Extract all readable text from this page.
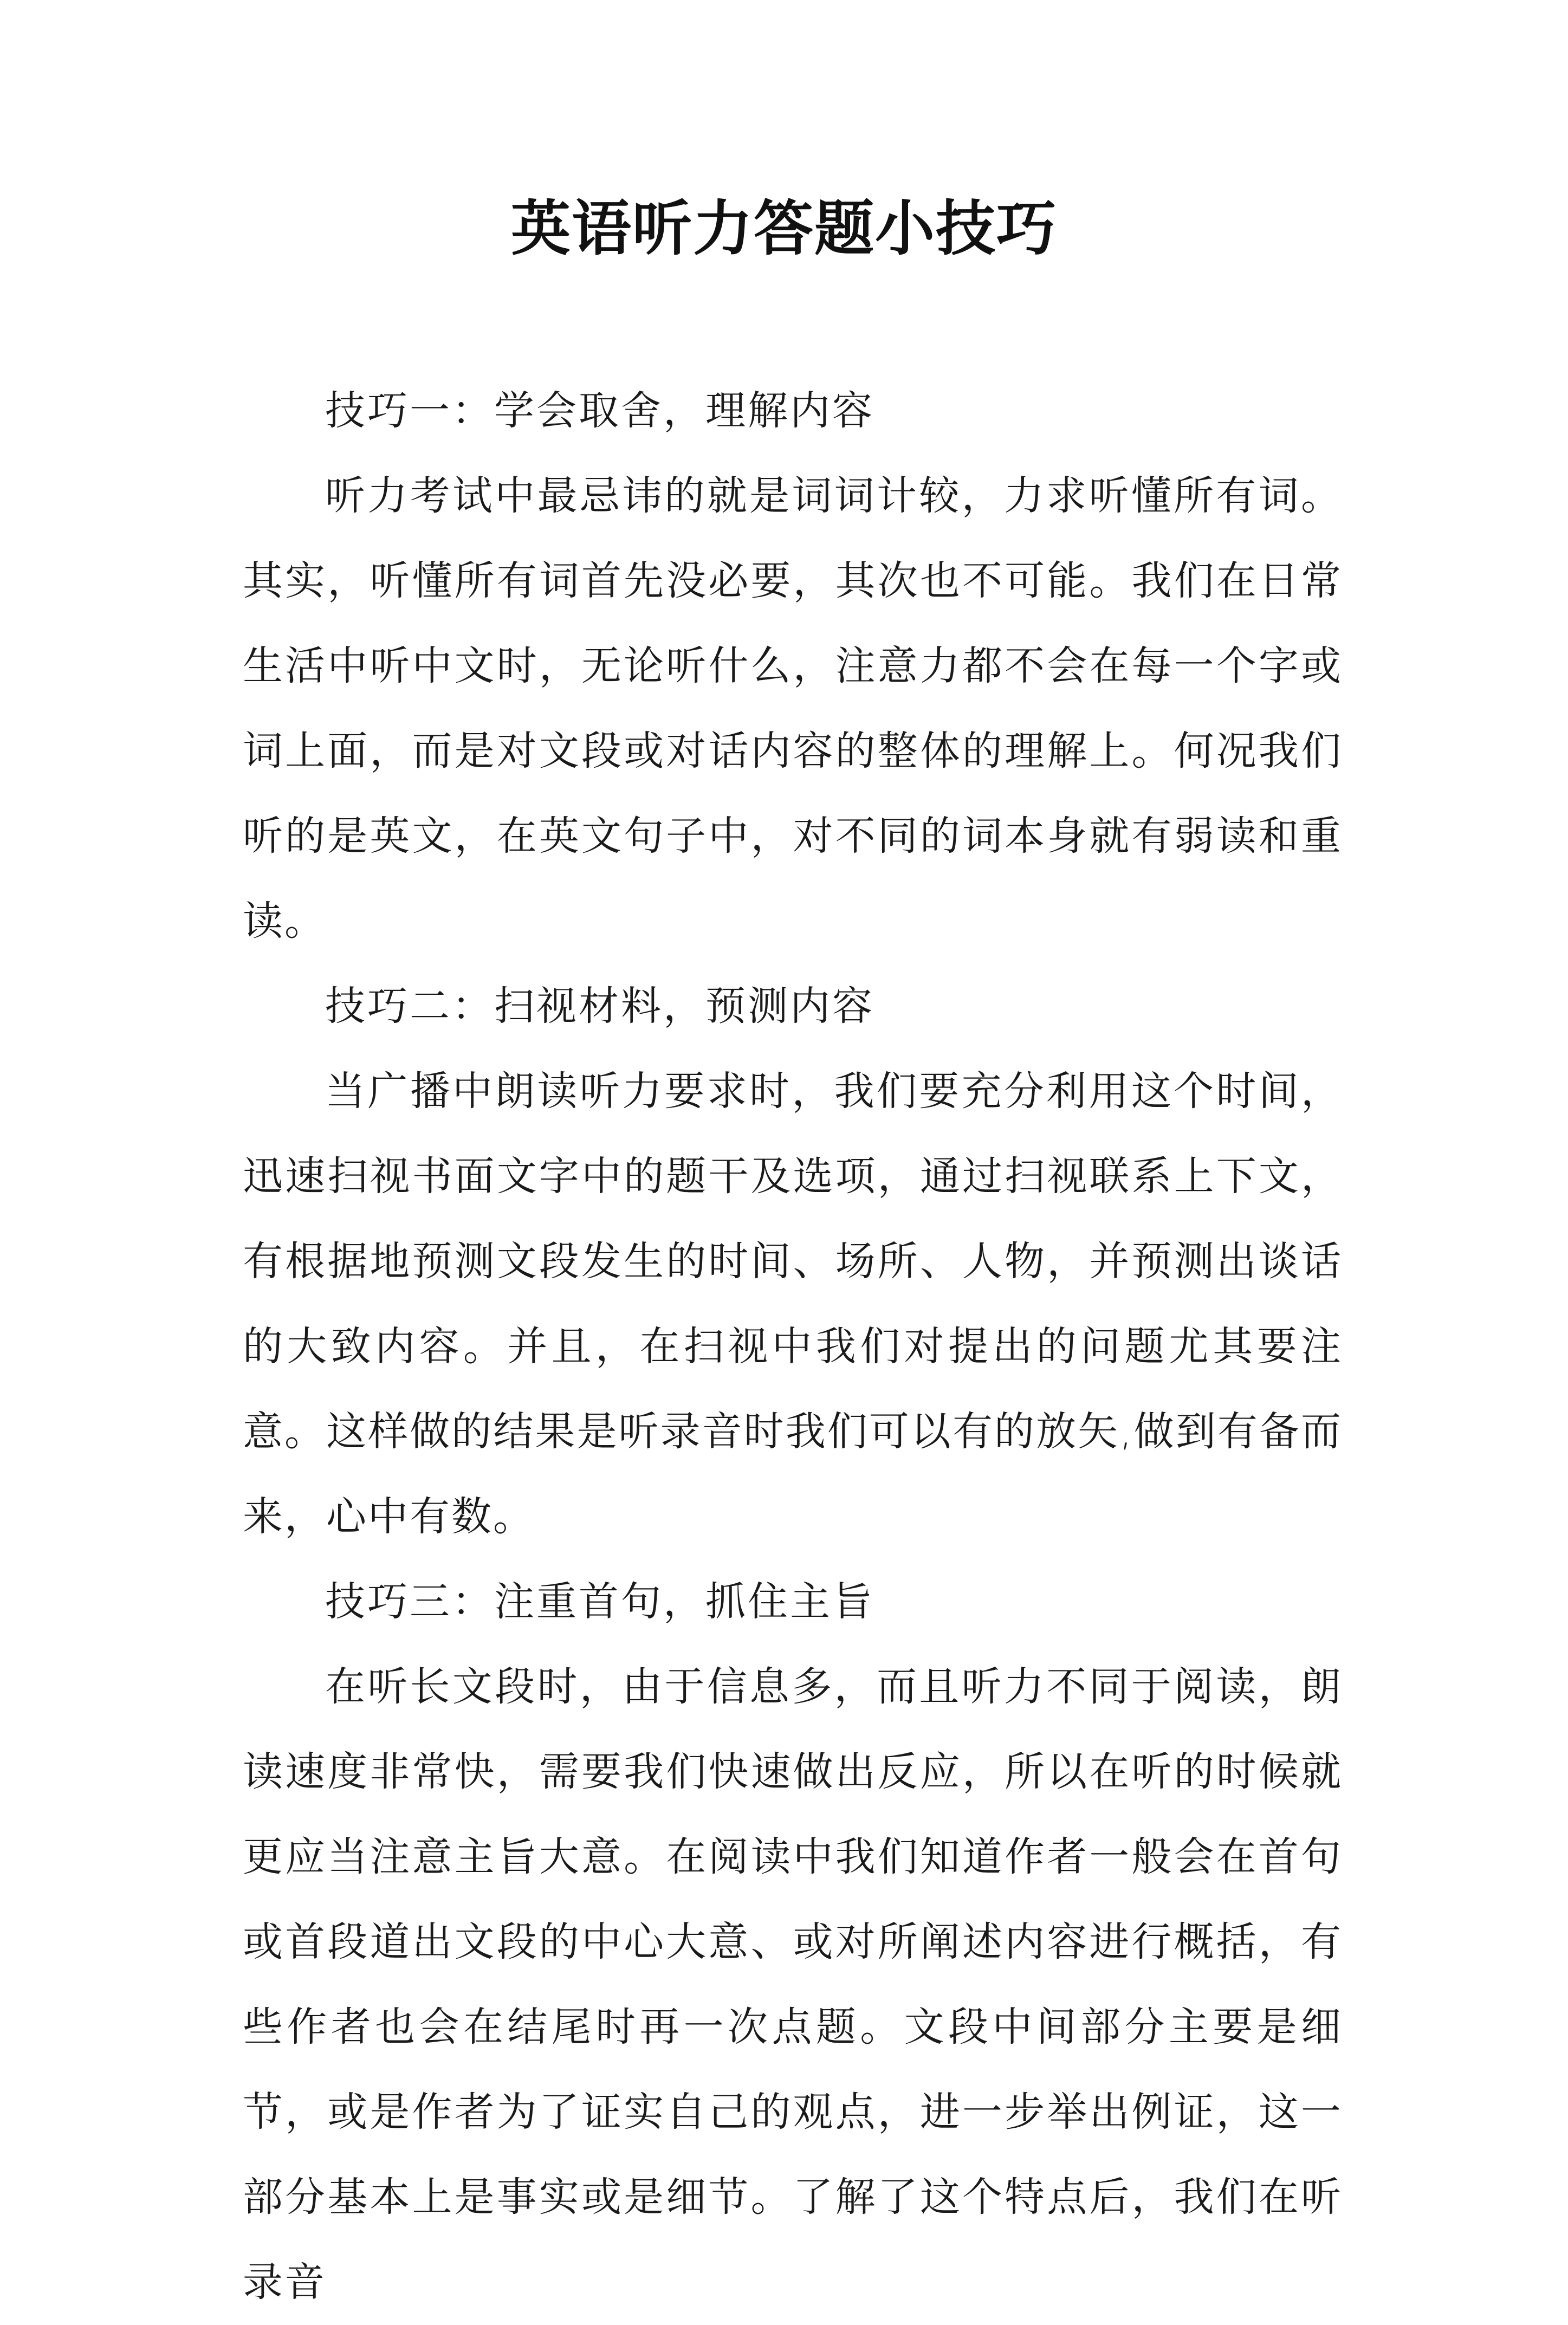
英语听力答题小技巧

技巧一：学会取舍，理解内容

听力考试中最忌讳的就是词词计较，力求听懂所有词。其实，听懂所有词首先没必要，其次也不可能。我们在日常生活中听中文时，无论听什么，注意力都不会在每一个字或词上面，而是对文段或对话内容的整体的理解上。何况我们听的是英文，在英文句子中，对不同的词本身就有弱读和重读。

技巧二：扫视材料，预测内容

当广播中朗读听力要求时，我们要充分利用这个时间，迅速扫视书面文字中的题干及选项，通过扫视联系上下文，有根据地预测文段发生的时间、场所、人物，并预测出谈话的大致内容。并且，在扫视中我们对提出的问题尤其要注意。这样做的结果是听录音时我们可以有的放矢,做到有备而来，心中有数。

技巧三：注重首句，抓住主旨

在听长文段时，由于信息多，而且听力不同于阅读，朗读速度非常快，需要我们快速做出反应，所以在听的时候就更应当注意主旨大意。在阅读中我们知道作者一般会在首句或首段道出文段的中心大意、或对所阐述内容进行概括，有些作者也会在结尾时再一次点题。文段中间部分主要是细节，或是作者为了证实自己的观点，进一步举出例证，这一部分基本上是事实或是细节。了解了这个特点后，我们在听录音
